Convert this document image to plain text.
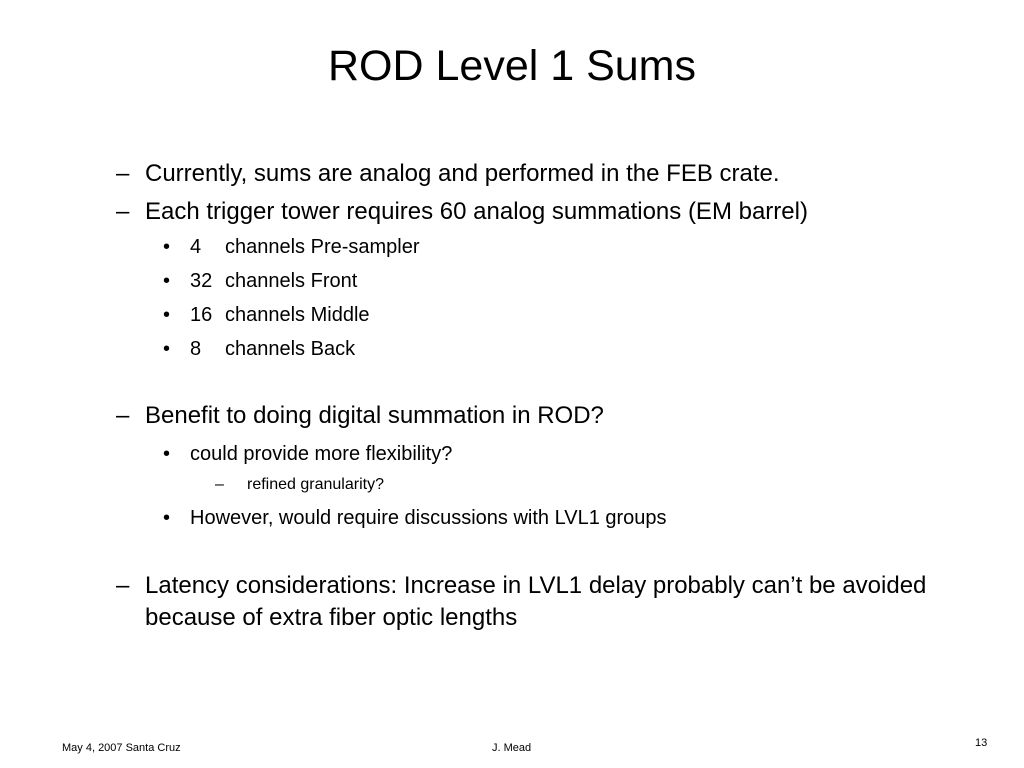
ROD Level 1 Sums
– Currently, sums are analog and performed in the FEB crate.
– Each trigger tower requires 60 analog summations (EM barrel)
• 4 channels Pre-sampler
• 32 channels Front
• 16 channels Middle
• 8 channels Back
– Benefit to doing digital summation in ROD?
• could provide more flexibility?
–	refined granularity?
• However, would require discussions with LVL1 groups
– Latency considerations: Increase in LVL1 delay probably can’t be avoided because of extra fiber optic lengths
May 4, 2007 Santa Cruz	J. Mead	13
